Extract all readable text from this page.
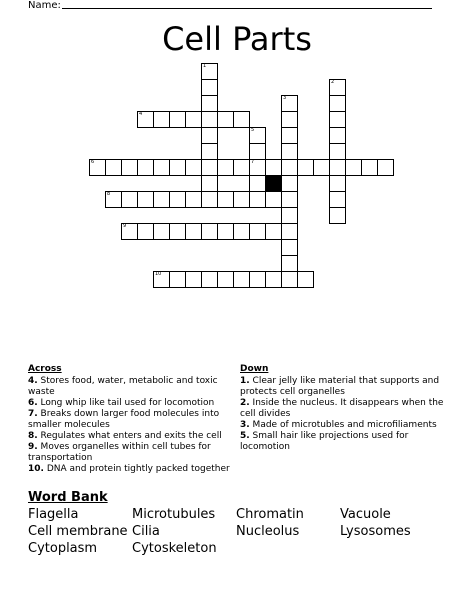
Name:
Cell Parts
1
2
3
5
7
4
6
8
9
10
Across
4. Stores food, water, metabolic and toxic waste
6. Long whip like tail used for locomotion
7. Breaks down larger food molecules into smaller molecules
8. Regulates what enters and exits the cell
9. Moves organelles within cell tubes for transportation
10. DNA and protein tightly packed together
Down
1. Clear jelly like material that supports and protects cell organelles
2. Inside the nucleus. It disappears when the cell divides
3. Made of microtubles and microfiliaments
5. Small hair like projections used for locomotion
Word Bank
Flagella	Microtubules	Chromatin	Vacuole
Cell membrane Cilia	Nucleolus	Lysosomes
Cytoplasm	Cytoskeleton
